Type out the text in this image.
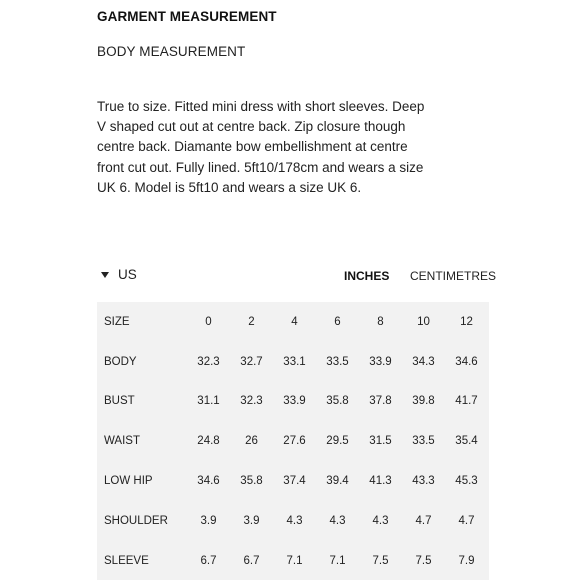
GARMENT MEASUREMENT
BODY MEASUREMENT
True to size. Fitted mini dress with short sleeves. Deep V shaped cut out at centre back. Zip closure though centre back. Diamante bow embellishment at centre front cut out. Fully lined. 5ft10/178cm and wears a size UK 6. Model is 5ft10 and wears a size UK 6.
US	INCHES CENTIMETRES
SIZE	0	2	4	6	8	10	12
BODY	32.3	32.7	33.1	33.5	33.9	34.3	34.6
BUST	31.1	32.3	33.9	35.8	37.8	39.8	41.7
WAIST	24.8	26	27.6	29.5	31.5	33.5	35.4
LOW HIP	34.6	35.8	37.4	39.4	41.3	43.3	45.3
SHOULDER	3.9	3.9	4.3	4.3	4.3	4.7	4.7
SLEEVE	6.7	6.7	7.1	7.1	7.5	7.5	7.9
